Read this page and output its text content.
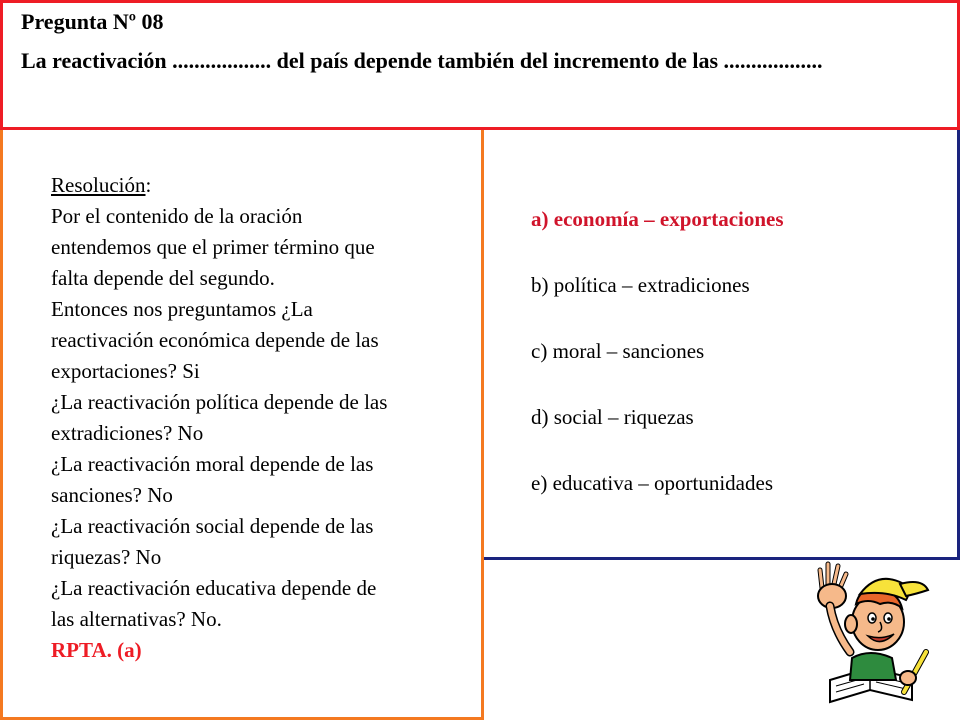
Pregunta Nº 08
La reactivación .................. del país depende también del incremento de las ..................
Resolución:
Por el contenido de la oración
entendemos que el primer término que
falta depende del segundo.
Entonces nos preguntamos ¿La
reactivación económica depende de las
exportaciones? Si
¿La reactivación política depende de las
extradiciones? No
¿La reactivación moral depende de las
sanciones? No
¿La reactivación social depende de las
riquezas? No
¿La reactivación educativa depende de
las alternativas? No.
RPTA. (a)
a) economía – exportaciones
b) política – extradiciones
c) moral – sanciones
d) social – riquezas
e) educativa – oportunidades
